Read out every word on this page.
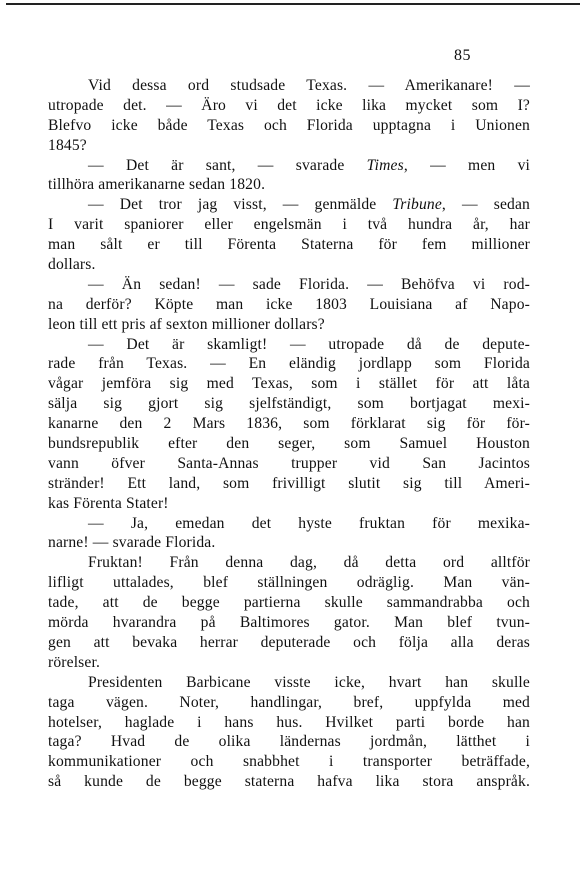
85
Vid dessa ord studsade Texas. — Amerikanare! —
utropade det. — Äro vi det icke lika mycket som I?
Blefvo icke både Texas och Florida upptagna i Unionen
1845?
— Det är sant, — svarade Times, — men vi
tillhöra amerikanarne sedan 1820.
— Det tror jag visst, — genmälde Tribune, — sedan
I varit spaniorer eller engelsmän i två hundra år, har
man sålt er till Förenta Staterna för fem millioner
dollars.
— Än sedan! — sade Florida. — Behöfva vi rod-
na derför? Köpte man icke 1803 Louisiana af Napo-
leon till ett pris af sexton millioner dollars?
— Det är skamligt! — utropade då de depute-
rade från Texas. — En eländig jordlapp som Florida
vågar jemföra sig med Texas, som i stället för att låta
sälja sig gjort sig sjelfständigt, som bortjagat mexi-
kanarne den 2 Mars 1836, som förklarat sig för för-
bundsrepublik efter den seger, som Samuel Houston
vann öfver Santa-Annas trupper vid San Jacintos
stränder! Ett land, som frivilligt slutit sig till Ameri-
kas Förenta Stater!
— Ja, emedan det hyste fruktan för mexika-
narne! — svarade Florida.
Fruktan! Från denna dag, då detta ord alltför
lifligt uttalades, blef ställningen odräglig. Man vän-
tade, att de begge partierna skulle sammandrabba och
mörda hvarandra på Baltimores gator. Man blef tvun-
gen att bevaka herrar deputerade och följa alla deras
rörelser.
Presidenten Barbicane visste icke, hvart han skulle
taga vägen. Noter, handlingar, bref, uppfylda med
hotelser, haglade i hans hus. Hvilket parti borde han
taga? Hvad de olika ländernas jordmån, lätthet i
kommunikationer och snabbhet i transporter beträffade,
så kunde de begge staterna hafva lika stora anspråk.
